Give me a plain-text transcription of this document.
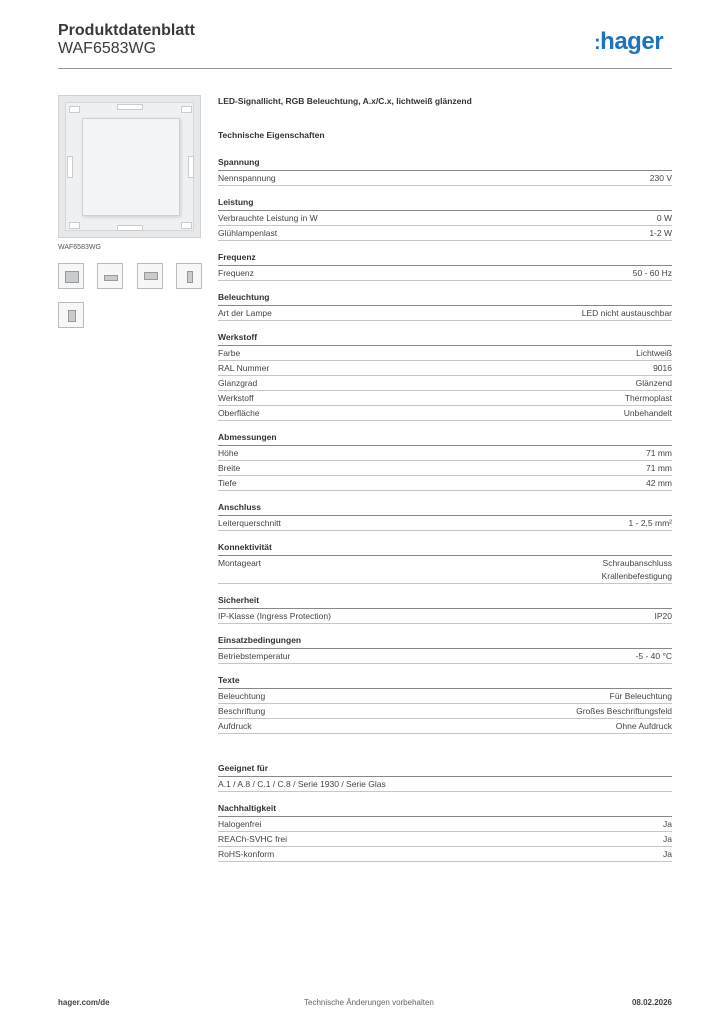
Produktdatenblatt
WAF6583WG	:hager
WAF6583WG
LED-Signallicht, RGB Beleuchtung, A.x/C.x, lichtweiß glänzend
Technische Eigenschaften
Spannung
Nennspannung	230 V
Leistung
Verbrauchte Leistung in W	0 W
Glühlampenlast	1-2 W
Frequenz
Frequenz	50 - 60 Hz
Beleuchtung
Art der Lampe	LED nicht austauschbar
Werkstoff
Farbe	Lichtweiß
RAL Nummer	9016
Glanzgrad	Glänzend
Werkstoff	Thermoplast
Oberfläche	Unbehandelt
Abmessungen
Höhe	71 mm
Breite	71 mm
Tiefe	42 mm
Anschluss
Leiterquerschnitt	1 - 2,5 mm²
Konnektivität
Montageart	Schraubanschluss
Krallenbefestigung
Sicherheit
IP-Klasse (Ingress Protection)	IP20
Einsatzbedingungen
Betriebstemperatur	-5 - 40 °C
Texte
Beleuchtung	Für Beleuchtung
Beschriftung	Großes Beschriftungsfeld
Aufdruck	Ohne Aufdruck
Geeignet für
A.1 / A.8 / C.1 / C.8 / Serie 1930 / Serie Glas
Nachhaltigkeit
Halogenfrei	Ja
REACh-SVHC frei	Ja
RoHS-konform	Ja
hager.com/de	Technische Änderungen vorbehalten	08.02.2026
